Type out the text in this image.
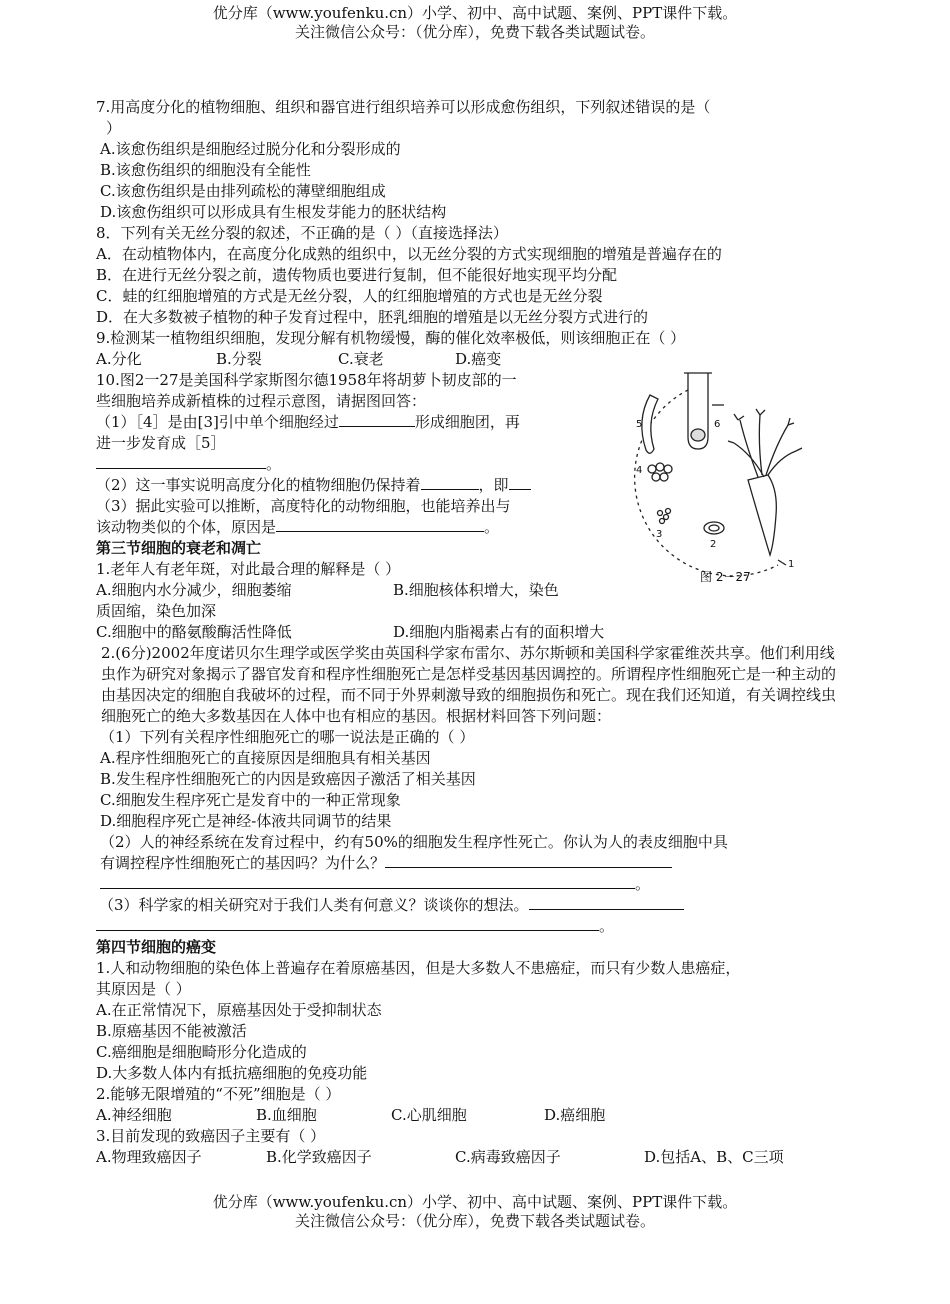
优分库（www.youfenku.cn）小学、初中、高中试题、案例、PPT课件下载。
关注微信公众号：（优分库），免费下载各类试题试卷。

7.用高度分化的植物细胞、组织和器官进行组织培养可以形成愈伤组织，下列叙述错误的是（

）

A.该愈伤组织是细胞经过脱分化和分裂形成的

B.该愈伤组织的细胞没有全能性

C.该愈伤组织是由排列疏松的薄壁细胞组成

D.该愈伤组织可以形成具有生根发芽能力的胚状结构

8．下列有关无丝分裂的叙述，不正确的是（ ）（直接选择法）

A．在动植物体内，在高度分化成熟的组织中，以无丝分裂的方式实现细胞的增殖是普遍存在的

B．在进行无丝分裂之前，遗传物质也要进行复制，但不能很好地实现平均分配

C．蛙的红细胞增殖的方式是无丝分裂，人的红细胞增殖的方式也是无丝分裂

D．在大多数被子植物的种子发育过程中，胚乳细胞的增殖是以无丝分裂方式进行的

9.检测某一植物组织细胞，发现分解有机物缓慢，酶的催化效率极低，则该细胞正在（ ）

A.分化	B.分裂	C.衰老	D.癌变

10.图2一27是美国科学家斯图尔德1958年将胡萝卜韧皮部的一

些细胞培养成新植株的过程示意图，请据图回答：

（1）［4］是由[3]引中单个细胞经过	形成细胞团，再

进一步发育成［5］

。

（2）这一事实说明高度分化的植物细胞仍保持着	，即

（3）据此实验可以推断，高度特化的动物细胞，也能培养出与

该动物类似的个体，原因是	。

第三节细胞的衰老和凋亡

1.老年人有老年斑，对此最合理的解释是（ ）

A.细胞内水分减少，细胞萎缩	B.细胞核体积增大，染色

质固缩，染色加深

C.细胞中的酪氨酸酶活性降低	D.细胞内脂褐素占有的面积增大

2.(6分)2002年度诺贝尔生理学或医学奖由英国科学家布雷尔、苏尔斯顿和美国科学家霍维茨共享。他们利用线虫作为研究对象揭示了器官发育和程序性细胞死亡是怎样受基因基因调控的。所谓程序性细胞死亡是一种主动的由基因决定的细胞自我破坏的过程，而不同于外界刺激导致的细胞损伤和死亡。现在我们还知道，有关调控线虫细胞死亡的绝大多数基因在人体中也有相应的基因。根据材料回答下列问题：

（1）下列有关程序性细胞死亡的哪一说法是正确的（ ）

A.程序性细胞死亡的直接原因是细胞具有相关基因

B.发生程序性细胞死亡的内因是致癌因子激活了相关基因

C.细胞发生程序死亡是发育中的一种正常现象

D.细胞程序死亡是神经-体液共同调节的结果

（2）人的神经系统在发育过程中，约有50%的细胞发生程序性死亡。你认为人的表皮细胞中具

有调控程序性细胞死亡的基因吗？为什么？

。

（3）科学家的相关研究对于我们人类有何意义？谈谈你的想法。

。

第四节细胞的癌变

1.人和动物细胞的染色体上普遍存在着原癌基因，但是大多数人不患癌症，而只有少数人患癌症，

其原因是（ ）

A.在正常情况下，原癌基因处于受抑制状态

B.原癌基因不能被激活

C.癌细胞是细胞畸形分化造成的

D.大多数人体内有抵抗癌细胞的免疫功能

2.能够无限增殖的“不死”细胞是（ ）

A.神经细胞	B.血细胞	C.心肌细胞	D.癌细胞

3.目前发现的致癌因子主要有（ ）

A.物理致癌因子	B.化学致癌因子	C.病毒致癌因子	D.包括A、B、C三项

5	6
4
3
2
1
图 2－27
优分库（www.youfenku.cn）小学、初中、高中试题、案例、PPT课件下载。
关注微信公众号：（优分库），免费下载各类试题试卷。
